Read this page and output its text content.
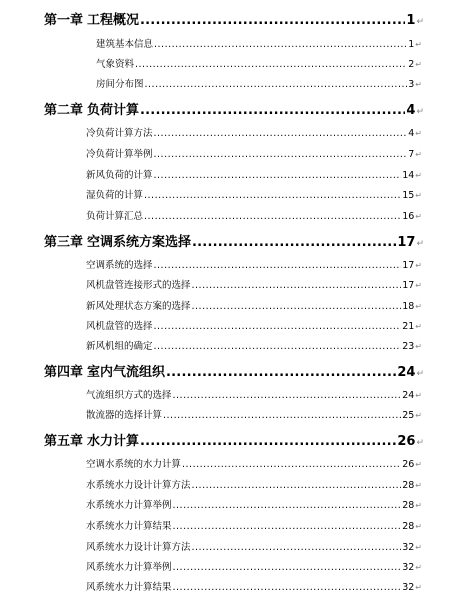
第一章 工程概况 .....	1 ↵
建筑基本信息 .....	1 ↵
气象资料 .....	2 ↵
房间分布图 .....	3 ↵
第二章 负荷计算 .....	4 ↵
冷负荷计算方法 .....	4 ↵
冷负荷计算举例 .....	7 ↵
新风负荷的计算 .....	14 ↵
湿负荷的计算 .....	15 ↵
负荷计算汇总 .....	16 ↵
第三章 空调系统方案选择 .....	17 ↵
空调系统的选择 .....	17 ↵
风机盘管连接形式的选择 .....	17 ↵
新风处理状态方案的选择 .....	18 ↵
风机盘管的选择 .....	21 ↵
新风机组的确定 .....	23 ↵
第四章 室内气流组织 .....	24 ↵
气流组织方式的选择 .....	24 ↵
散流器的选择计算 .....	25 ↵
第五章 水力计算 .....	26 ↵
空调水系统的水力计算 .....	26 ↵
水系统水力设计计算方法 .....	28 ↵
水系统水力计算举例 .....	28 ↵
水系统水力计算结果 .....	28 ↵
风系统水力设计计算方法 .....	32 ↵
风系统水力计算举例 .....	32 ↵
风系统水力计算结果 .....	32 ↵
